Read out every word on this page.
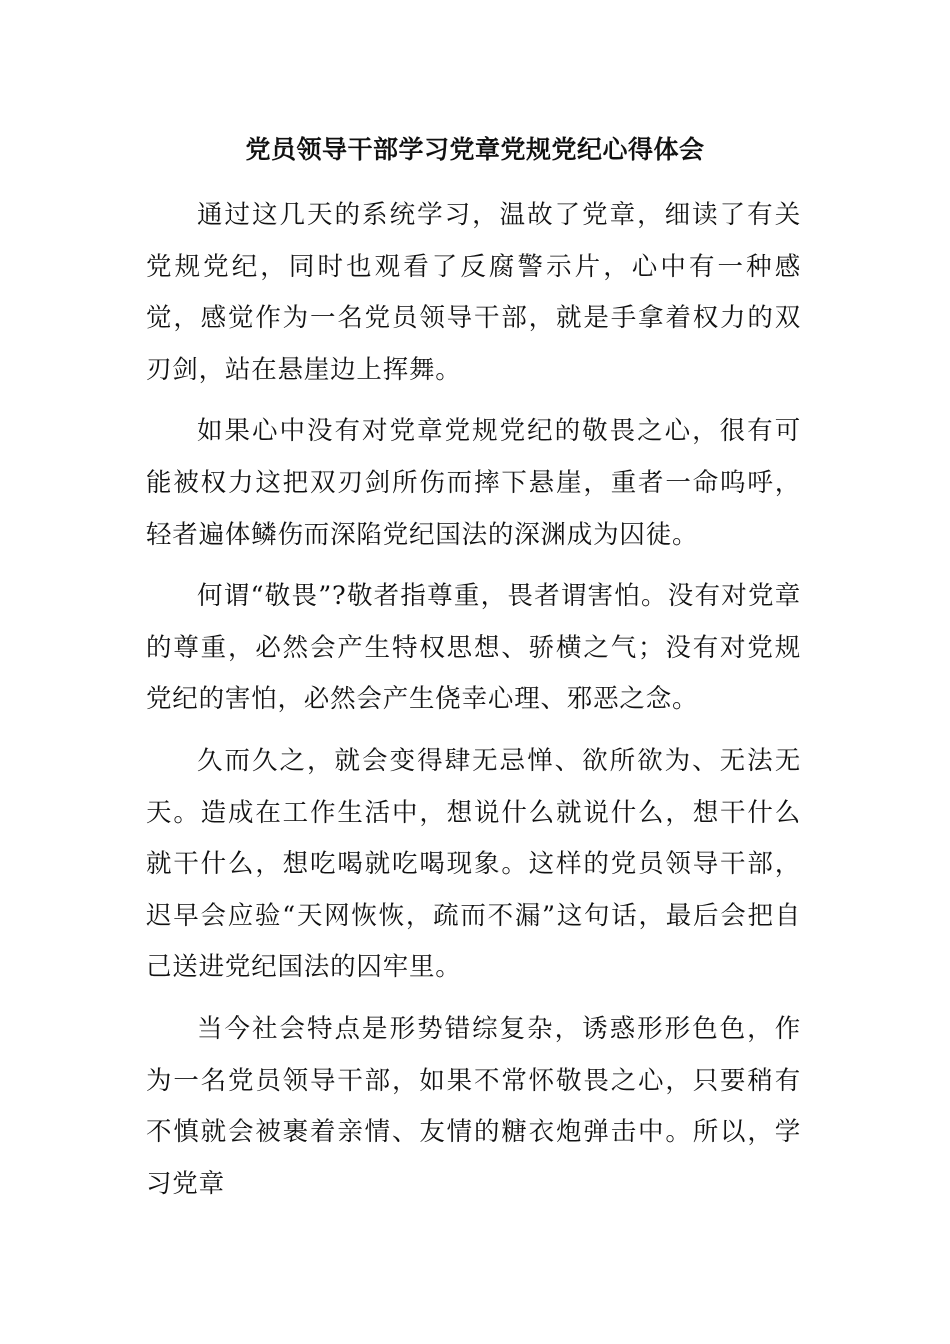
党员领导干部学习党章党规党纪心得体会

通过这几天的系统学习，温故了党章，细读了有关党规党纪，同时也观看了反腐警示片，心中有一种感觉，感觉作为一名党员领导干部，就是手拿着权力的双刃剑，站在悬崖边上挥舞。

如果心中没有对党章党规党纪的敬畏之心，很有可能被权力这把双刃剑所伤而摔下悬崖，重者一命呜呼，轻者遍体鳞伤而深陷党纪国法的深渊成为囚徒。

何谓“敬畏”?敬者指尊重，畏者谓害怕。没有对党章的尊重，必然会产生特权思想、骄横之气；没有对党规党纪的害怕，必然会产生侥幸心理、邪恶之念。

久而久之，就会变得肆无忌惮、欲所欲为、无法无天。造成在工作生活中，想说什么就说什么，想干什么就干什么，想吃喝就吃喝现象。这样的党员领导干部，迟早会应验“天网恢恢，疏而不漏”这句话，最后会把自己送进党纪国法的囚牢里。

当今社会特点是形势错综复杂，诱惑形形色色，作为一名党员领导干部，如果不常怀敬畏之心，只要稍有不慎就会被裹着亲情、友情的糖衣炮弹击中。所以，学习党章
